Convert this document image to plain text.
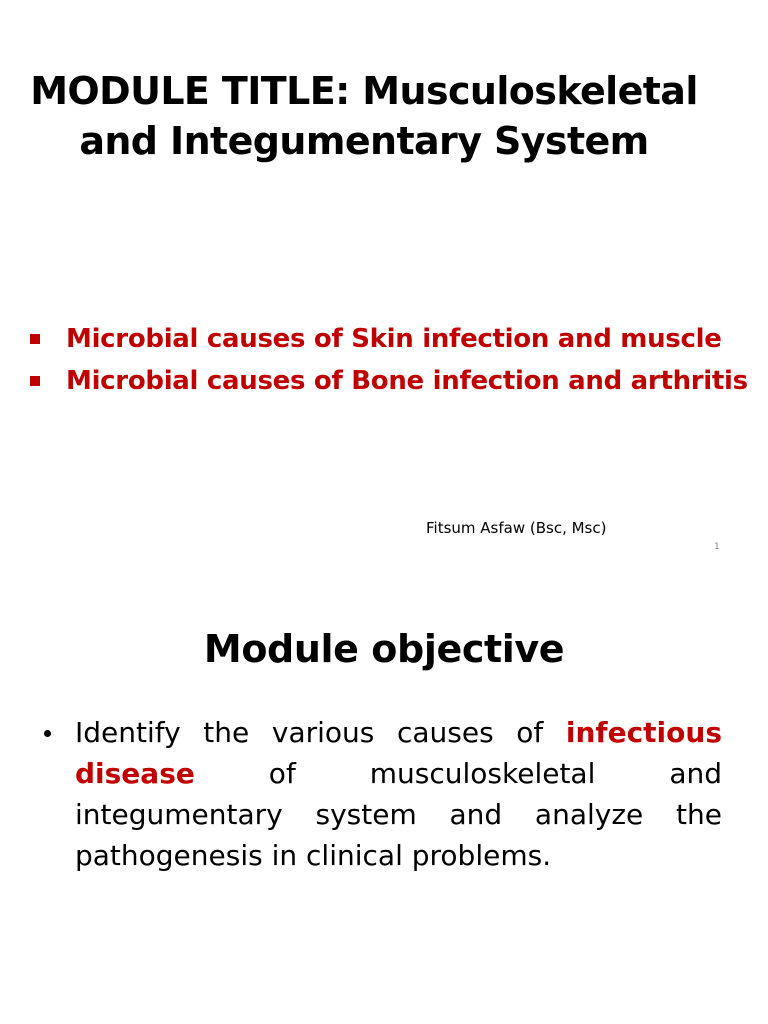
MODULE TITLE: Musculoskeletal
and Integumentary System
Microbial causes of Skin infection and muscle
Microbial causes of Bone infection and arthritis
Fitsum Asfaw (Bsc, Msc)
1
Module objective
Identify the various causes of infectious disease of musculoskeletal and integumentary system and analyze the pathogenesis in clinical problems.
